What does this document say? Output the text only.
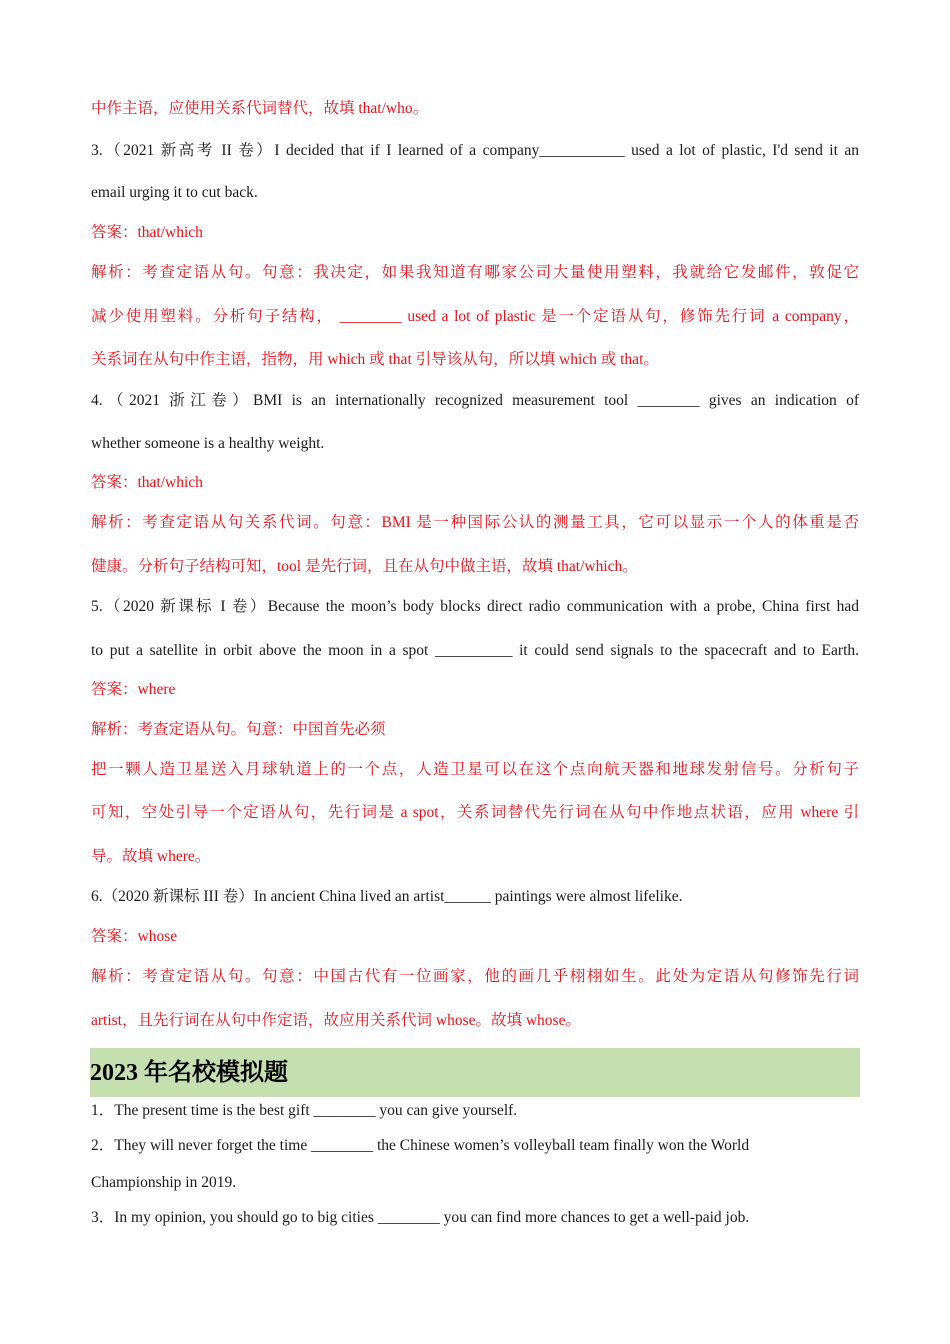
中作主语，应使用关系代词替代，故填 that/who。
3.（2021 新高考 II 卷）I decided that if I learned of a company___________ used a lot of plastic, I'd send it an
email urging it to cut back.
答案：that/which
解析：考查定语从句。句意：我决定，如果我知道有哪家公司大量使用塑料，我就给它发邮件，敦促它
减少使用塑料。分析句子结构， ________ used a lot of plastic 是一个定语从句，修饰先行词 a company，
关系词在从句中作主语，指物，用 which 或 that 引导该从句，所以填 which 或 that。
4.（2021 浙江卷）BMI is an internationally recognized measurement tool ________ gives an indication of
whether someone is a healthy weight.
答案：that/which
解析：考查定语从句关系代词。句意：BMI 是一种国际公认的测量工具，它可以显示一个人的体重是否
健康。分析句子结构可知，tool 是先行词，且在从句中做主语，故填 that/which。
5.（2020 新课标 I 卷）Because the moon’s body blocks direct radio communication with a probe, China first had
to put a satellite in orbit above the moon in a spot __________ it could send signals to the spacecraft and to Earth.
答案：where
解析：考查定语从句。句意：中国首先必须
把一颗人造卫星送入月球轨道上的一个点，人造卫星可以在这个点向航天器和地球发射信号。分析句子
可知，空处引导一个定语从句，先行词是 a spot，关系词替代先行词在从句中作地点状语，应用 where 引
导。故填 where。
6.（2020 新课标 III 卷）In ancient China lived an artist______ paintings were almost lifelike.
答案：whose
解析：考查定语从句。句意：中国古代有一位画家，他的画几乎栩栩如生。此处为定语从句修饰先行词
artist，且先行词在从句中作定语，故应用关系代词 whose。故填 whose。
2023 年名校模拟题
1．The present time is the best gift ________ you can give yourself.
2．They will never forget the time ________ the Chinese women’s volleyball team finally won the World
Championship in 2019.
3．In my opinion, you should go to big cities ________ you can find more chances to get a well-paid job.
